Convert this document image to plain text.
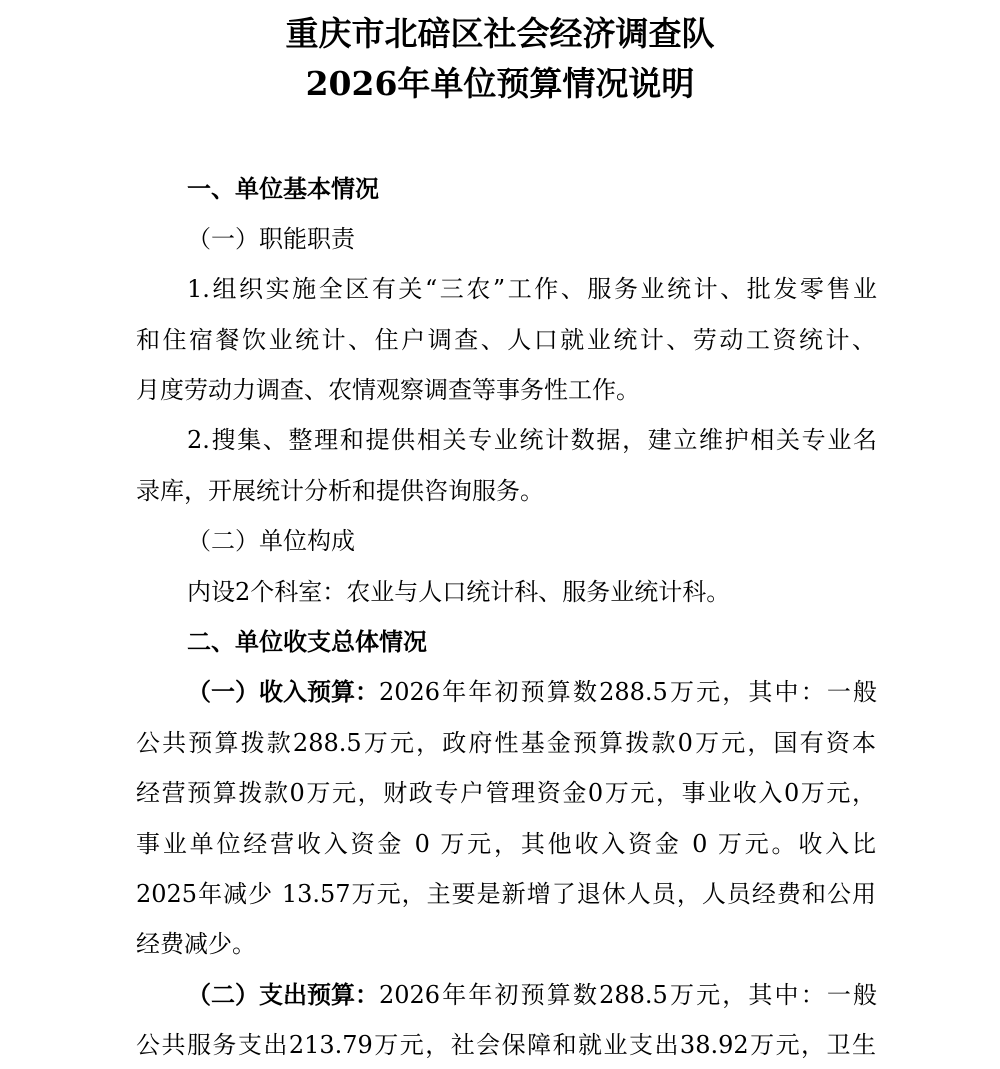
重庆市北碚区社会经济调查队
2026年单位预算情况说明
一、单位基本情况
（一）职能职责
1.组织实施全区有关“三农”工作、服务业统计、批发零售业
和住宿餐饮业统计、住户调查、人口就业统计、劳动工资统计、
月度劳动力调查、农情观察调查等事务性工作。
2.搜集、整理和提供相关专业统计数据，建立维护相关专业名
录库，开展统计分析和提供咨询服务。
（二）单位构成
内设2个科室：农业与人口统计科、服务业统计科。
二、单位收支总体情况
（一）收入预算： 2026年年初预算数288.5万元，其中：一般
公共预算拨款288.5万元，政府性基金预算拨款0万元，国有资本
经营预算拨款0万元，财政专户管理资金0万元，事业收入0万元，
事业单位经营收入资金 0 万元，其他收入资金 0 万元。收入比
2025年减少 13.57万元，主要是新增了退休人员，人员经费和公用
经费减少。
（二）支出预算： 2026年年初预算数288.5万元，其中：一般
公共服务支出213.79万元，社会保障和就业支出38.92万元，卫生
